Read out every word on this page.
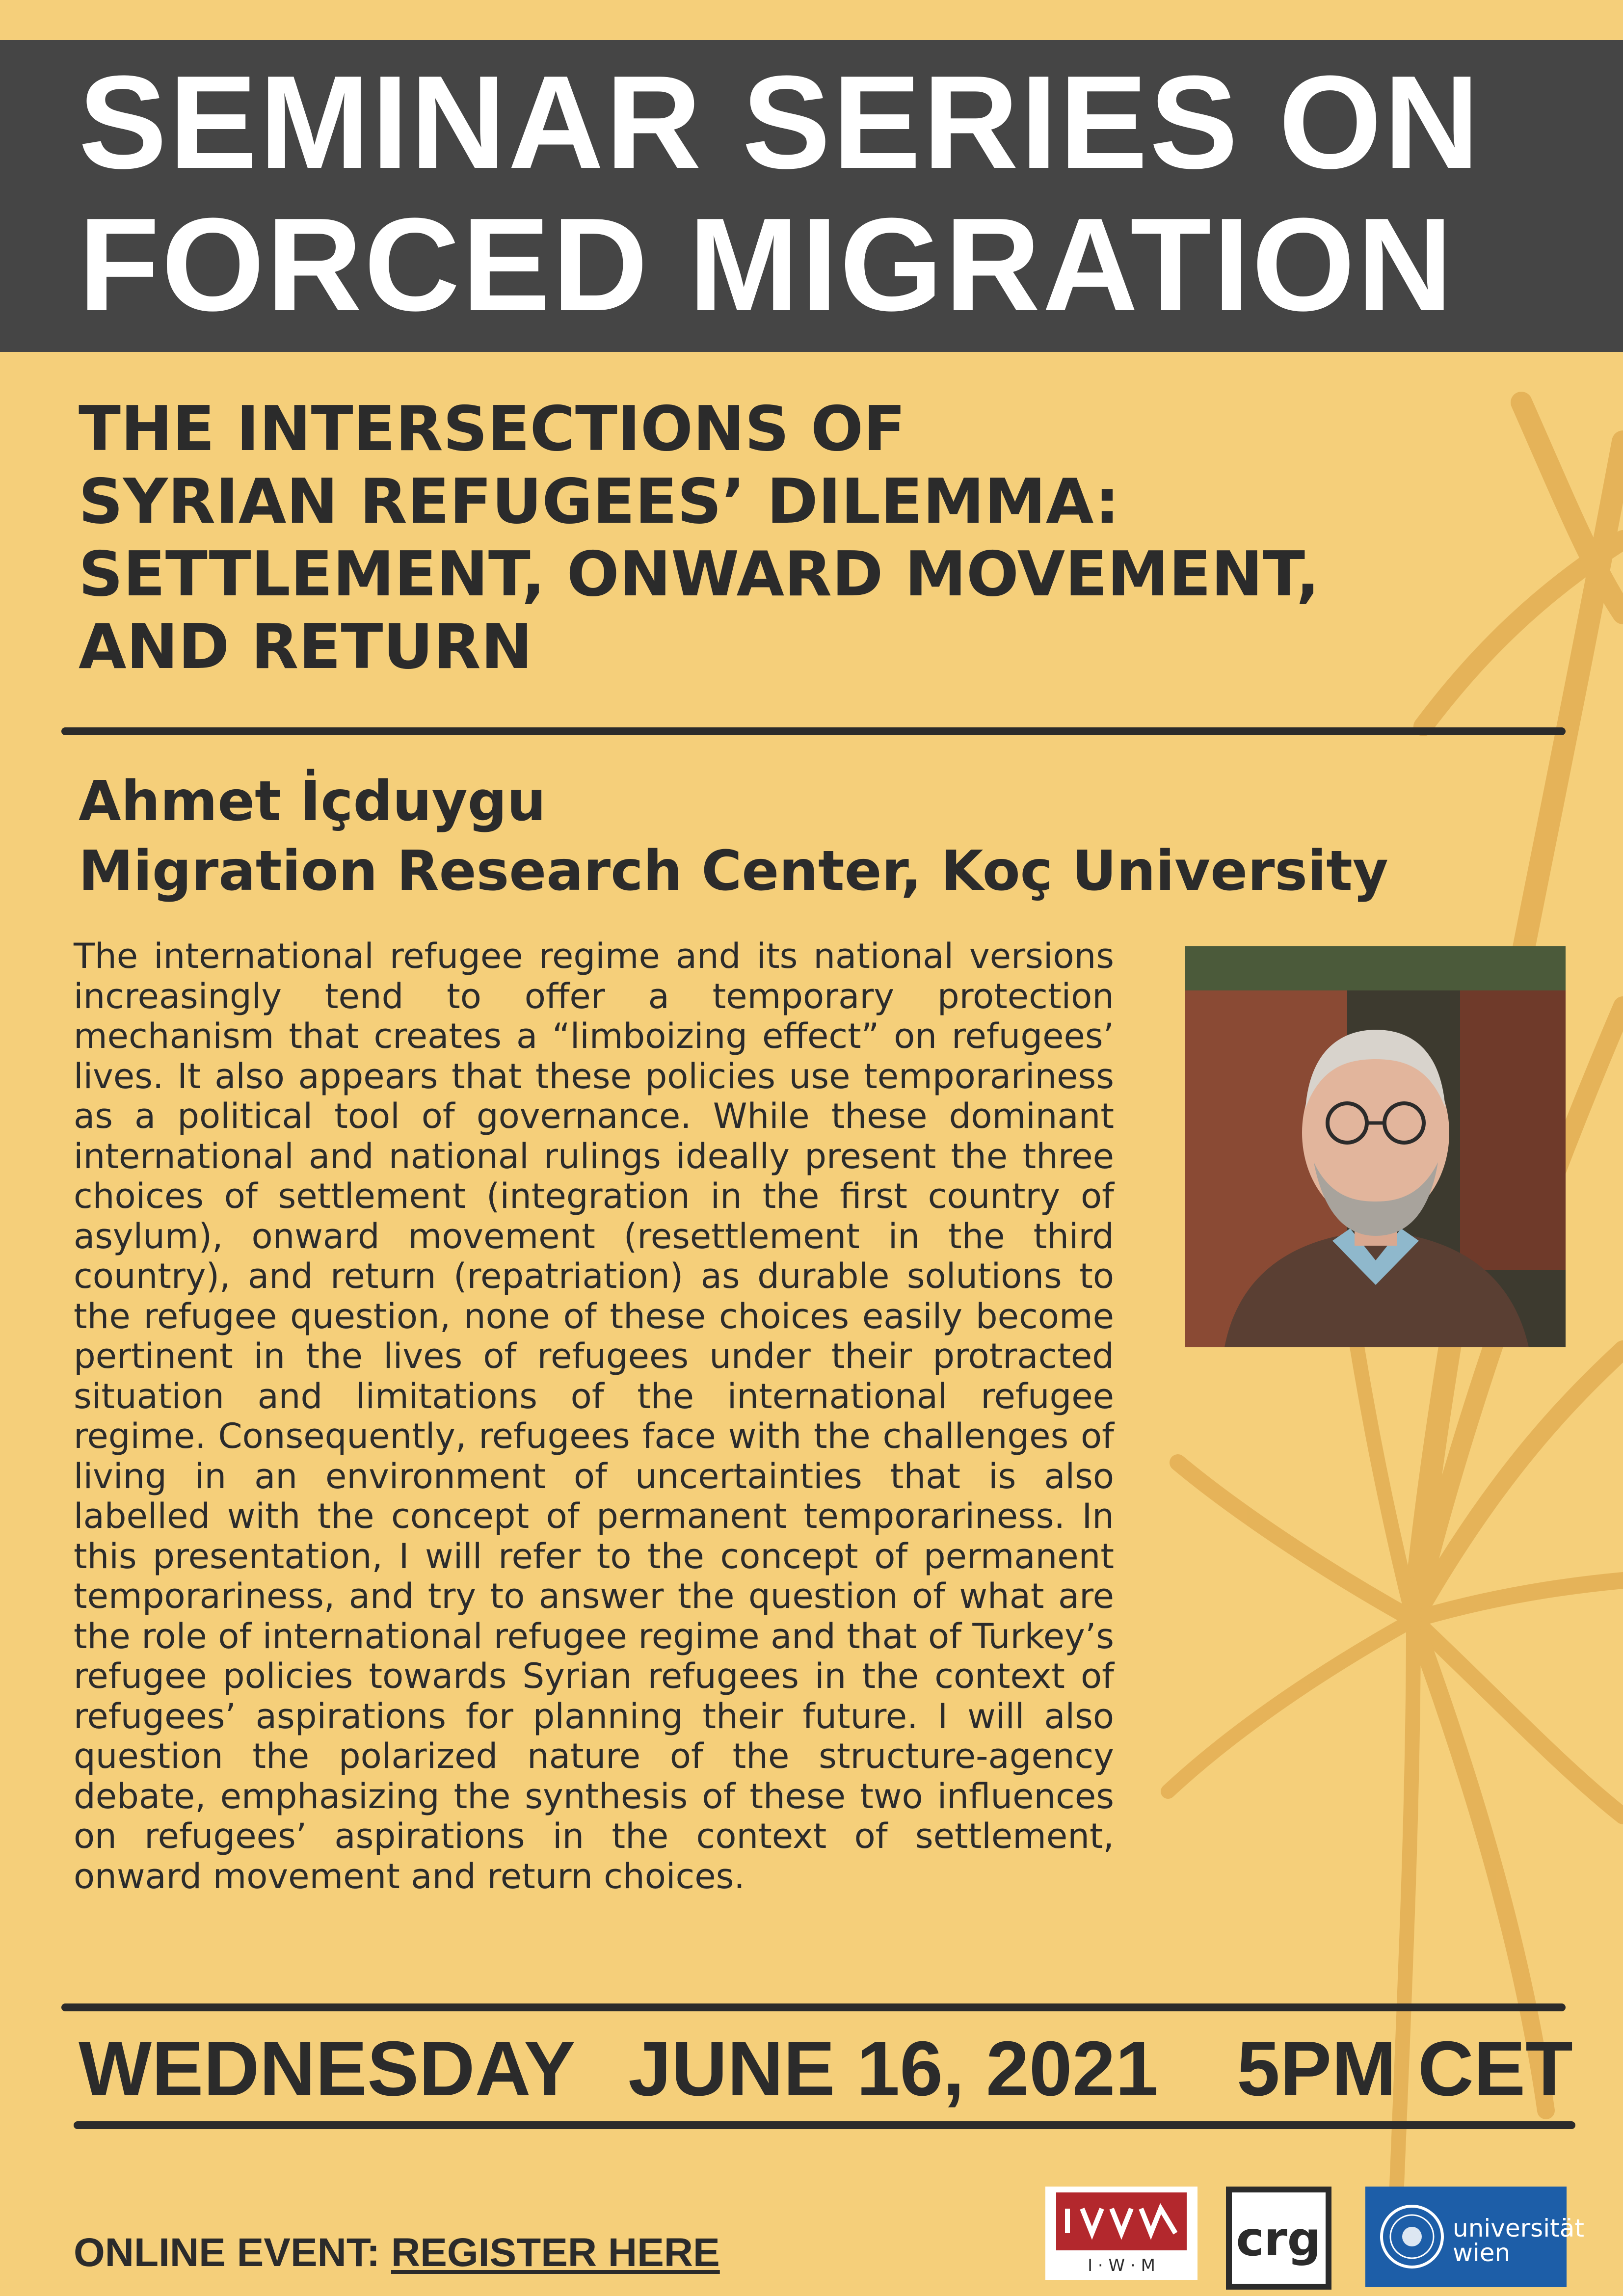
SEMINAR SERIES ON
FORCED MIGRATION
THE INTERSECTIONS OF
SYRIAN REFUGEES’ DILEMMA:
SETTLEMENT, ONWARD MOVEMENT,
AND RETURN
Ahmet İçduygu
Migration Research Center, Koç University

The international refugee regime and its national versions increasingly tend to offer a temporary protection mechanism that creates a “limboizing effect” on refugees’ lives. It also appears that these policies use temporariness as a political tool of governance. While these dominant international and national rulings ideally present the three choices of settlement (integration in the first country of asylum), onward movement (resettlement in the third country), and return (repatriation) as durable solutions to the refugee question, none of these choices easily become pertinent in the lives of refugees under their protracted situation and limitations of the international refugee regime. Consequently, refugees face with the challenges of living in an environment of uncertainties that is also labelled with the concept of permanent temporariness. In this presentation, I will refer to the concept of permanent temporariness, and try to answer the question of what are the role of international refugee regime and that of Turkey’s refugee policies towards Syrian refugees in the context of refugees’ aspirations for planning their future. I will also question the polarized nature of the structure-agency debate, emphasizing the synthesis of these two influences on refugees’ aspirations in the context of settlement, onward movement and return choices.

WEDNESDAY JUNE 16, 2021 5PM CET
ONLINE EVENT: REGISTER HERE	I · W · M crg	universität
wien
